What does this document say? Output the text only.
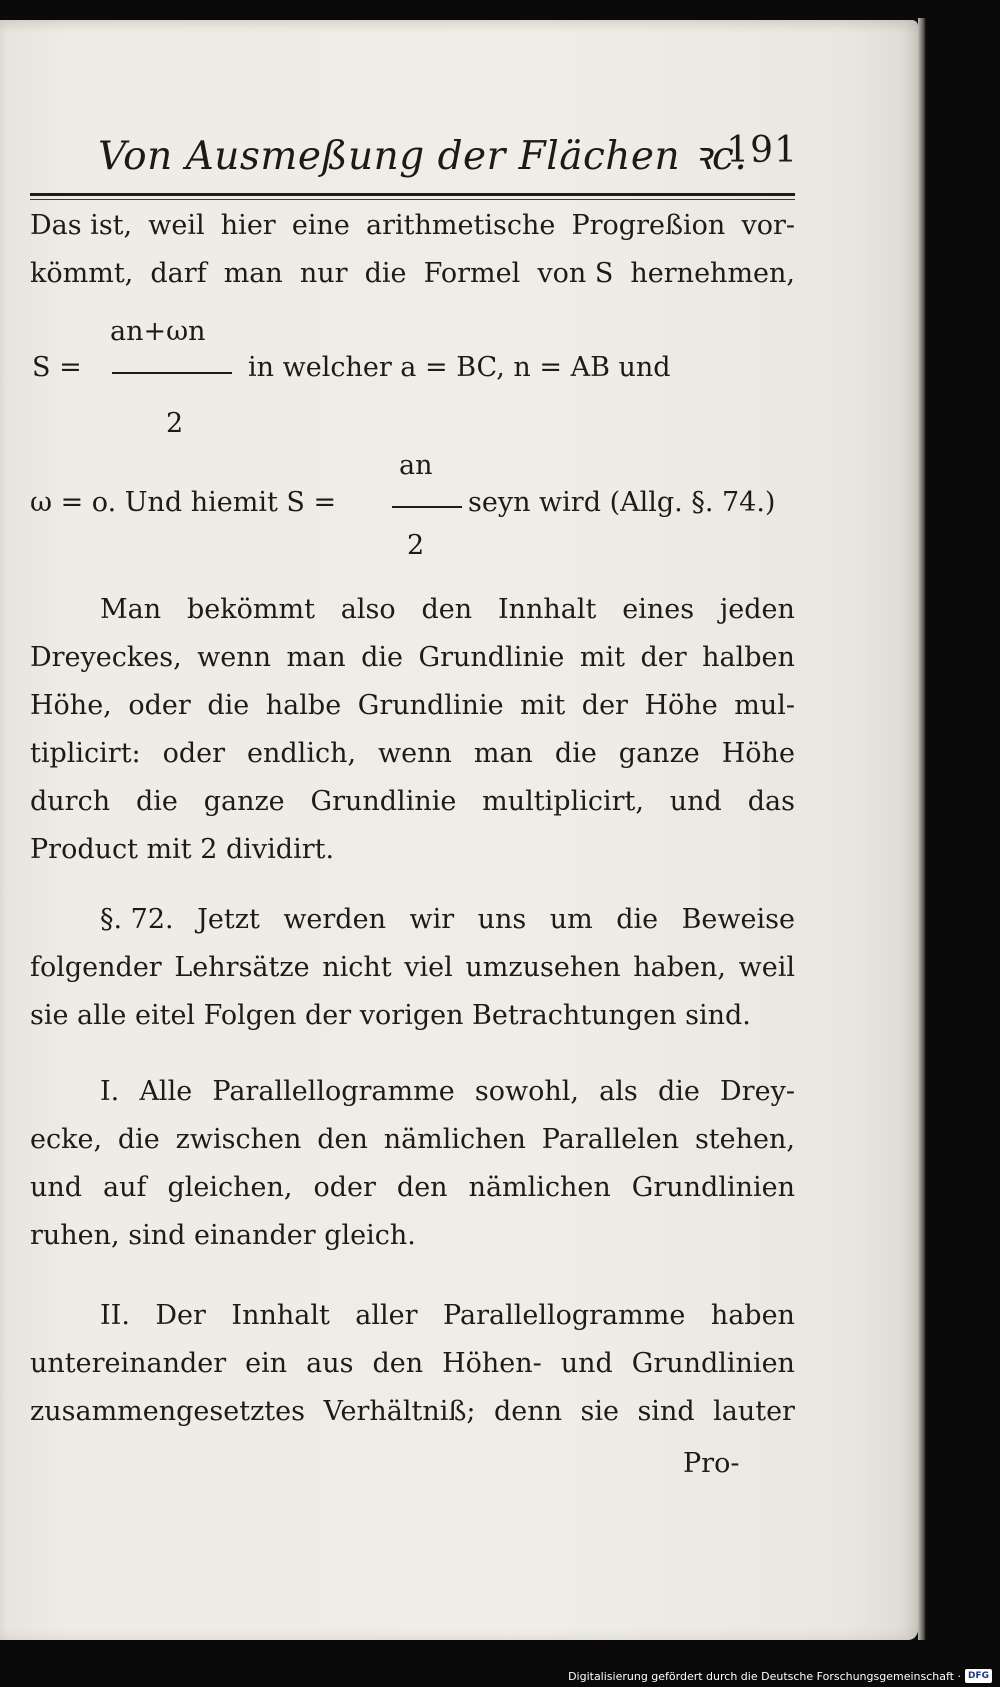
Von Ausmeßung der Flächen ꝛc.
191
Das ist, weil hier eine arithmetische Progreßion vor-
kömmt, darf man nur die Formel von S hernehmen,
S =
an+ωn
2
in welcher a = BC, n = AB und
an
ω = o. Und hiemit S =
2
seyn wird (Allg. §. 74.)
Man bekömmt also den Innhalt eines jeden
Dreyeckes, wenn man die Grundlinie mit der halben
Höhe, oder die halbe Grundlinie mit der Höhe mul-
tiplicirt: oder endlich, wenn man die ganze Höhe
durch die ganze Grundlinie multiplicirt, und das
Product mit 2 dividirt.
§. 72. Jetzt werden wir uns um die Beweise
folgender Lehrsätze nicht viel umzusehen haben, weil
sie alle eitel Folgen der vorigen Betrachtungen sind.
I. Alle Parallellogramme sowohl, als die Drey-
ecke, die zwischen den nämlichen Parallelen stehen,
und auf gleichen, oder den nämlichen Grundlinien
ruhen, sind einander gleich.
II. Der Innhalt aller Parallellogramme haben
untereinander ein aus den Höhen- und Grundlinien
zusammengesetztes Verhältniß; denn sie sind lauter
Pro-
Digitalisierung gefördert durch die Deutsche Forschungsgemeinschaft · DFG
